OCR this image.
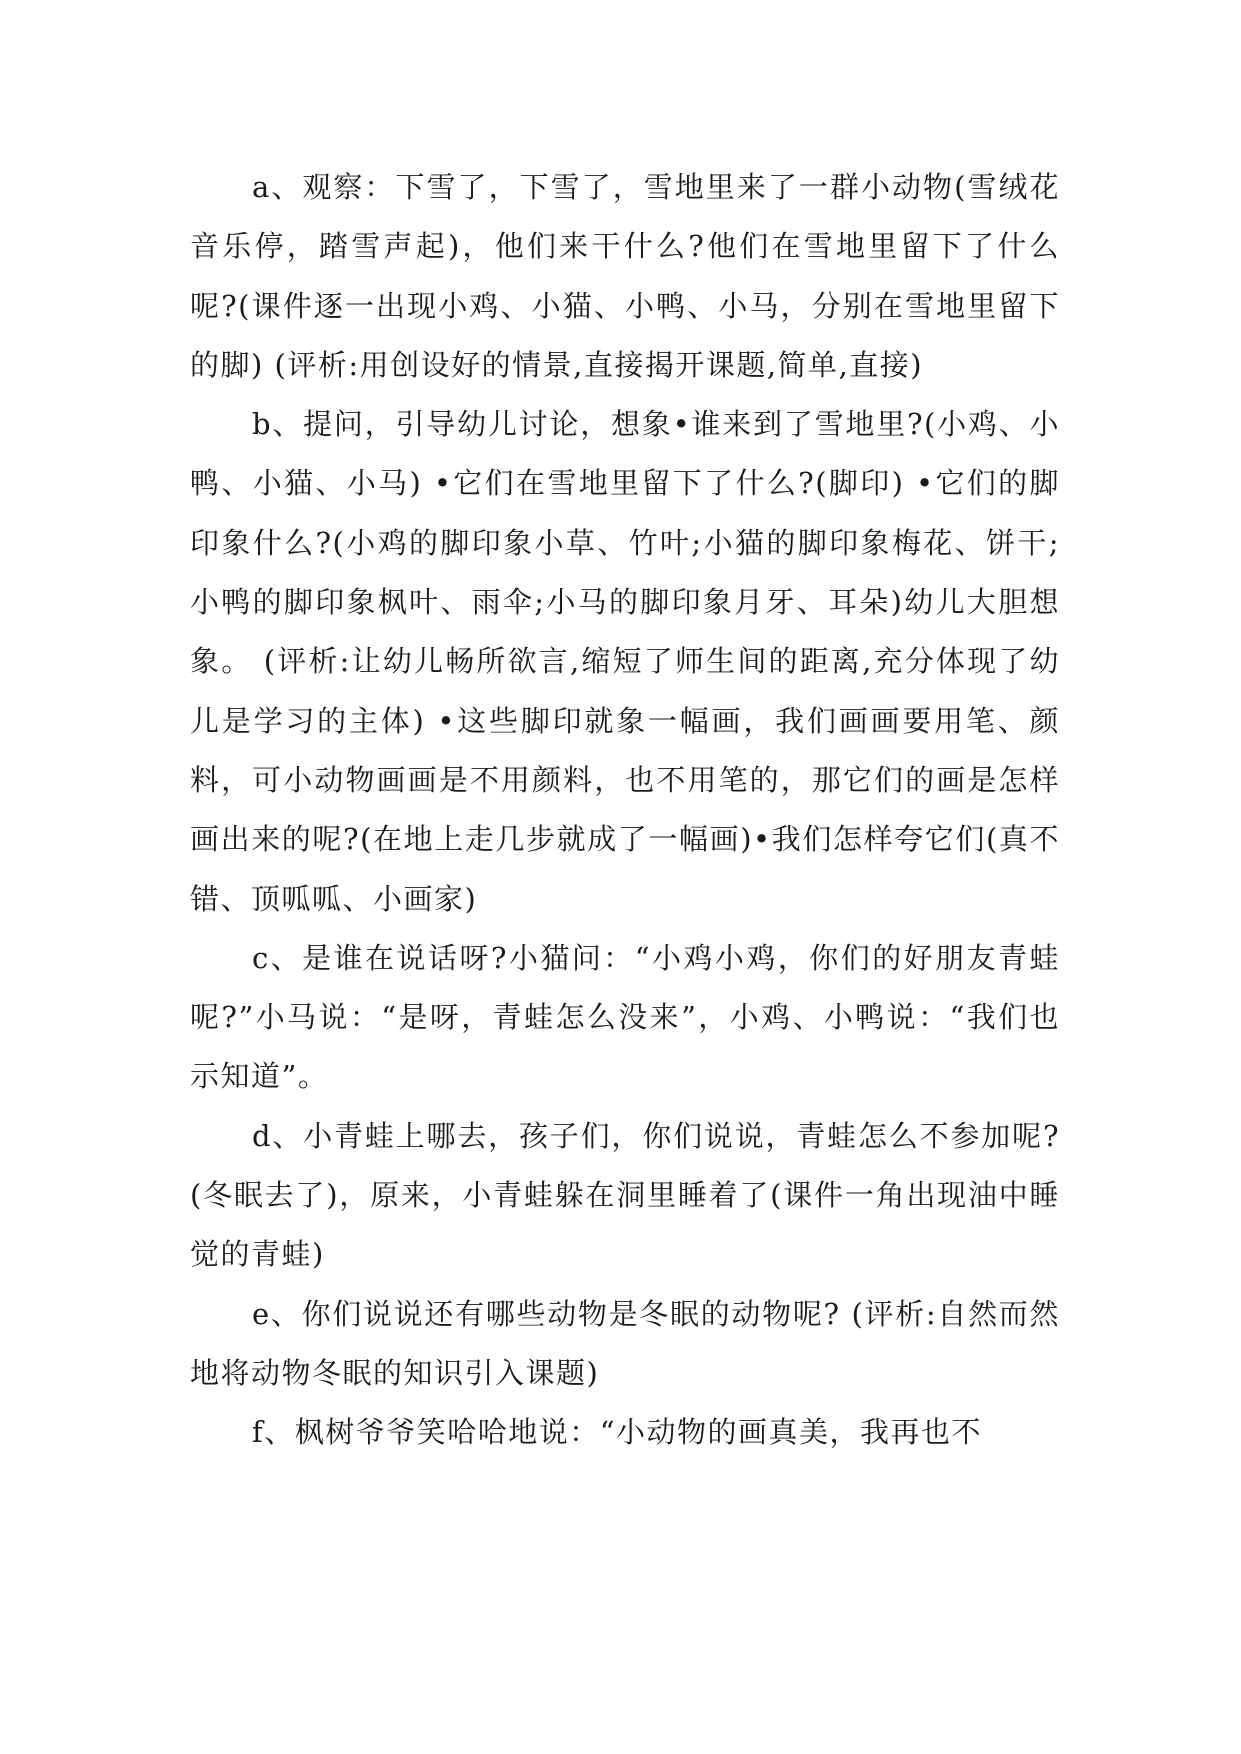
a、观察：下雪了，下雪了，雪地里来了一群小动物(雪绒花音乐停，踏雪声起)，他们来干什么?他们在雪地里留下了什么呢?(课件逐一出现小鸡、小猫、小鸭、小马，分别在雪地里留下的脚) (评析:用创设好的情景,直接揭开课题,简单,直接)

b、提问，引导幼儿讨论，想象•谁来到了雪地里?(小鸡、小鸭、小猫、小马) •它们在雪地里留下了什么?(脚印) •它们的脚印象什么?(小鸡的脚印象小草、竹叶;小猫的脚印象梅花、饼干;小鸭的脚印象枫叶、雨伞;小马的脚印象月牙、耳朵)幼儿大胆想象。 (评析:让幼儿畅所欲言,缩短了师生间的距离,充分体现了幼儿是学习的主体) •这些脚印就象一幅画，我们画画要用笔、颜料，可小动物画画是不用颜料，也不用笔的，那它们的画是怎样画出来的呢?(在地上走几步就成了一幅画)•我们怎样夸它们(真不错、顶呱呱、小画家)

c、是谁在说话呀?小猫问：“小鸡小鸡，你们的好朋友青蛙呢?”小马说：“是呀，青蛙怎么没来”，小鸡、小鸭说：“我们也示知道”。

d、小青蛙上哪去，孩子们，你们说说，青蛙怎么不参加呢?(冬眠去了)，原来，小青蛙躲在洞里睡着了(课件一角出现油中睡觉的青蛙)

e、你们说说还有哪些动物是冬眠的动物呢? (评析:自然而然地将动物冬眠的知识引入课题)

f、枫树爷爷笑哈哈地说：“小动物的画真美，我再也不
